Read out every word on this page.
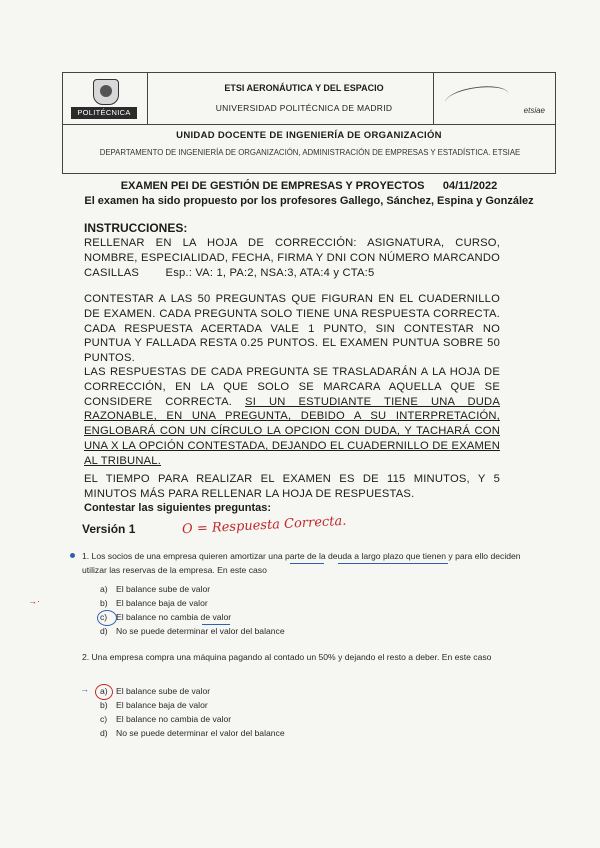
POLITÉCNICA
ETSI AERONÁUTICA Y DEL ESPACIO
UNIVERSIDAD POLITÉCNICA DE MADRID	etsiae
UNIDAD DOCENTE DE INGENIERÍA DE ORGANIZACIÓN
DEPARTAMENTO DE INGENIERÍA DE ORGANIZACIÓN, ADMINISTRACIÓN DE EMPRESAS Y ESTADÍSTICA. ETSIAE
EXAMEN PEI DE GESTIÓN DE EMPRESAS Y PROYECTOS      04/11/2022
El examen ha sido propuesto por los profesores Gallego, Sánchez, Espina y González
INSTRUCCIONES:
RELLENAR EN LA HOJA DE CORRECCIÓN: ASIGNATURA, CURSO, NOMBRE, ESPECIALIDAD, FECHA, FIRMA Y DNI CON NÚMERO MARCANDO CASILLAS        Esp.: VA: 1, PA:2, NSA:3, ATA:4 y CTA:5
CONTESTAR A LAS 50 PREGUNTAS QUE FIGURAN EN EL CUADERNILLO DE EXAMEN. CADA PREGUNTA SOLO TIENE UNA RESPUESTA CORRECTA. CADA RESPUESTA ACERTADA VALE 1 PUNTO, SIN CONTESTAR NO PUNTUA Y FALLADA RESTA 0.25 PUNTOS. EL EXAMEN PUNTUA SOBRE 50 PUNTOS.
LAS RESPUESTAS DE CADA PREGUNTA SE TRASLADARÁN A LA HOJA DE CORRECCIÓN, EN LA QUE SOLO SE MARCARA AQUELLA QUE SE CONSIDERE CORRECTA. SI UN ESTUDIANTE TIENE UNA DUDA RAZONABLE, EN UNA PREGUNTA, DEBIDO A SU INTERPRETACIÓN, ENGLOBARÁ CON UN CÍRCULO LA OPCION CON DUDA, Y TACHARÁ CON UNA X LA OPCIÓN CONTESTADA, DEJANDO EL CUADERNILLO DE EXAMEN AL TRIBUNAL.
EL TIEMPO PARA REALIZAR EL EXAMEN ES DE 115 MINUTOS, Y 5 MINUTOS MÁS PARA RELLENAR LA HOJA DE RESPUESTAS.
Contestar las siguientes preguntas:
Versión 1	O = Respuesta Correcta.
1. Los socios de una empresa quieren amortizar una parte de la deuda a largo plazo que tienen y para ello deciden utilizar las reservas de la empresa. En este caso
a) El balance sube de valor
b) El balance baja de valor
c) El balance no cambia de valor
d) No se puede determinar el valor del balance
→·
2. Una empresa compra una máquina pagando al contado un 50% y dejando el resto a deber. En este caso
a) El balance sube de valor
b) El balance baja de valor
c) El balance no cambia de valor
d) No se puede determinar el valor del balance
→
